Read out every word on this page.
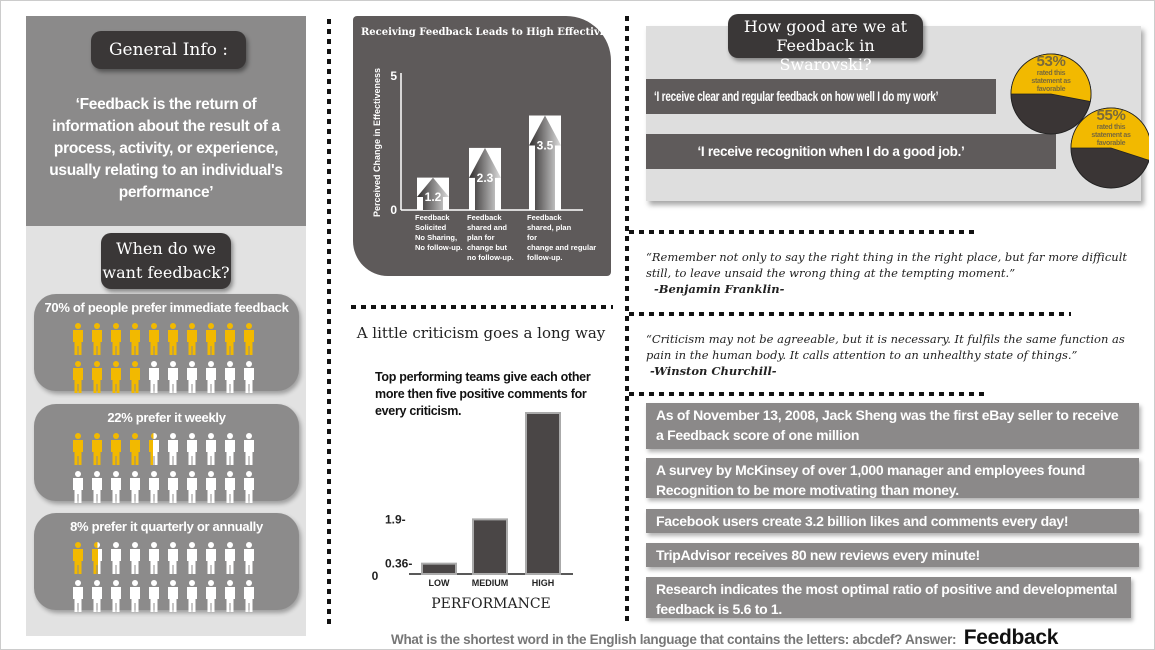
General Info :
‘Feedback is the return of information about the result of a process, activity, or experience, usually relating to an individual's performance’
When do we want feedback?
70% of people prefer immediate feedback
22% prefer it weekly
8% prefer it quarterly or annually
Receiving Feedback Leads to High Effectivness
0
5
Perceived Change in Effectiveness	1.2
Feedback
Solicited
No Sharing,
No follow-up.
2.3
Feedback
shared and
plan for
change but
no follow-up.
3.5
Feedback
shared, plan
for
change and regular
follow-up.
A little criticism goes a long way
LOW MEDIUM	HIGH
0
0.36-
1.9-
PERFORMANCE
Top performing teams give each other more then five positive comments for every criticism.
How good are we at Feedback in Swarovski?
‘I receive clear and regular feedback on how well I do my work’
‘I receive recognition when I do a good job.’
53%
rated this statement as favorable
55%
rated this statement as favorable
“Remember not only to say the right thing in the right place, but far more difficult still, to leave unsaid the wrong thing at the tempting moment.”
-Benjamin Franklin-
“Criticism may not be agreeable, but it is necessary. It fulfils the same function as pain in the human body. It calls attention to an unhealthy state of things.”
-Winston Churchill-
As of November 13, 2008, Jack Sheng was the first eBay seller to receive a Feedback score of one million
A survey by McKinsey of over 1,000 manager and employees found Recognition to be more motivating than money.
Facebook users create 3.2 billion likes and comments every day!
TripAdvisor receives 80 new reviews every minute!
Research indicates the most optimal ratio of positive and developmental feedback is 5.6 to 1.
What is the shortest word in the English language that contains the letters: abcdef? Answer: Feedback
